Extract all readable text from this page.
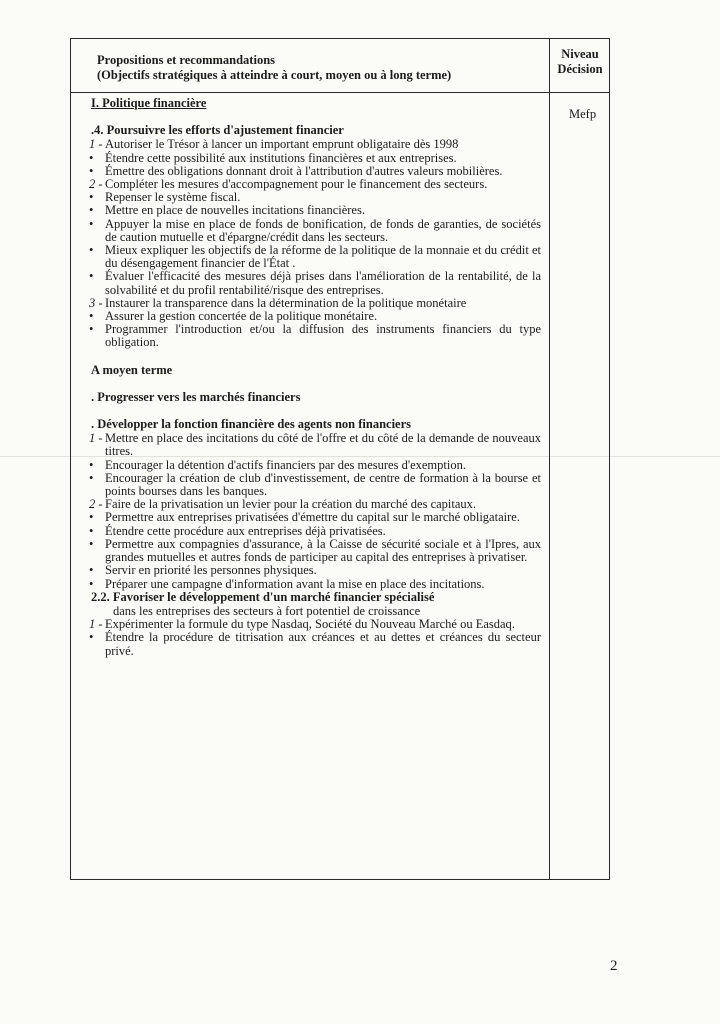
Propositions et recommandations
(Objectifs stratégiques à atteindre à court, moyen ou à long terme)
Niveau
Décision
Mefp
I. Politique financière
.4. Poursuivre les efforts d'ajustement financier
1 - Autoriser le Trésor à lancer un important emprunt obligataire dès 1998
• Étendre cette possibilité aux institutions financières et aux entreprises.
• Émettre des obligations donnant droit à l'attribution d'autres valeurs mobilières.
2 - Compléter les mesures d'accompagnement pour le financement des secteurs.
• Repenser le système fiscal.
• Mettre en place de nouvelles incitations financières.
• Appuyer la mise en place de fonds de bonification, de fonds de garanties, de sociétés de caution mutuelle et d'épargne/crédit dans les secteurs.
• Mieux expliquer les objectifs de la réforme de la politique de la monnaie et du crédit et du désengagement financier de l'État .
• Évaluer l'efficacité des mesures déjà prises dans l'amélioration de la rentabilité, de la solvabilité et du profil rentabilité/risque des entreprises.
3 - Instaurer la transparence dans la détermination de la politique monétaire
• Assurer la gestion concertée de la politique monétaire.
• Programmer l'introduction et/ou la diffusion des instruments financiers du type obligation.
A moyen terme
. Progresser vers les marchés financiers
. Développer la fonction financière des agents non financiers
1 - Mettre en place des incitations du côté de l'offre et du côté de la demande de nouveaux titres.
• Encourager la détention d'actifs financiers par des mesures d'exemption.
• Encourager la création de club d'investissement, de centre de formation à la bourse et points bourses dans les banques.
2 - Faire de la privatisation un levier pour la création du marché des capitaux.
• Permettre aux entreprises privatisées d'émettre du capital sur le marché obligataire.
• Étendre cette procédure aux entreprises déjà privatisées.
• Permettre aux compagnies d'assurance, à la Caisse de sécurité sociale et à l'Ipres, aux grandes mutuelles et autres fonds de participer au capital des entreprises à privatiser.
• Servir en priorité les personnes physiques.
• Préparer une campagne d'information avant la mise en place des incitations.
2.2. Favoriser le développement d'un marché financier spécialisé
dans les entreprises des secteurs à fort potentiel de croissance
1 - Expérimenter la formule du type Nasdaq, Société du Nouveau Marché ou Easdaq.
• Étendre la procédure de titrisation aux créances et au dettes et créances du secteur privé.
2
